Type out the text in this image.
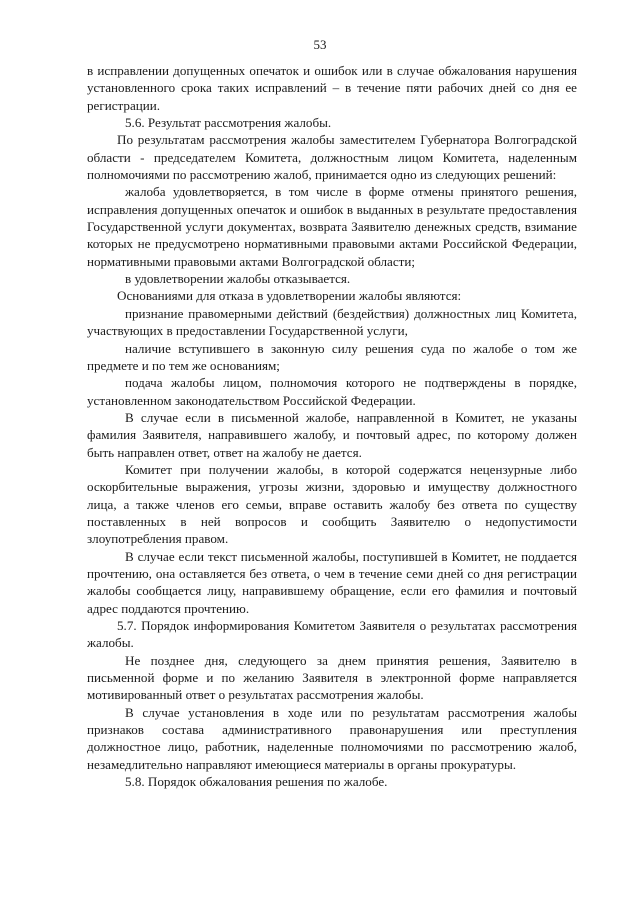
53

в исправлении допущенных опечаток и ошибок или в случае обжалования нарушения установленного срока таких исправлений – в течение пяти рабочих дней со дня ее регистрации.

5.6. Результат рассмотрения жалобы.

По результатам рассмотрения жалобы заместителем Губернатора Волгоградской области - председателем Комитета, должностным лицом Комитета, наделенным полномочиями по рассмотрению жалоб, принимается одно из следующих решений:

жалоба удовлетворяется, в том числе в форме отмены принятого решения, исправления допущенных опечаток и ошибок в выданных в результате предоставления Государственной услуги документах, возврата Заявителю денежных средств, взимание которых не предусмотрено нормативными правовыми актами Российской Федерации, нормативными правовыми актами Волгоградской области;

в удовлетворении жалобы отказывается.

Основаниями для отказа в удовлетворении жалобы являются:

признание правомерными действий (бездействия) должностных лиц Комитета, участвующих в предоставлении Государственной услуги,

наличие вступившего в законную силу решения суда по жалобе о том же предмете и по тем же основаниям;

подача жалобы лицом, полномочия которого не подтверждены в порядке, установленном законодательством Российской Федерации.

В случае если в письменной жалобе, направленной в Комитет, не указаны фамилия Заявителя, направившего жалобу, и почтовый адрес, по которому должен быть направлен ответ, ответ на жалобу не дается.

Комитет при получении жалобы, в которой содержатся нецензурные либо оскорбительные выражения, угрозы жизни, здоровью и имуществу должностного лица, а также членов его семьи, вправе оставить жалобу без ответа по существу поставленных в ней вопросов и сообщить Заявителю о недопустимости злоупотребления правом.

В случае если текст письменной жалобы, поступившей в Комитет, не поддается прочтению, она оставляется без ответа, о чем в течение семи дней со дня регистрации жалобы сообщается лицу, направившему обращение, если его фамилия и почтовый адрес поддаются прочтению.

5.7. Порядок информирования Комитетом Заявителя о результатах рассмотрения жалобы.

Не позднее дня, следующего за днем принятия решения, Заявителю в письменной форме и по желанию Заявителя в электронной форме направляется мотивированный ответ о результатах рассмотрения жалобы.

В случае установления в ходе или по результатам рассмотрения жалобы признаков состава административного правонарушения или преступления должностное лицо, работник, наделенные полномочиями по рассмотрению жалоб, незамедлительно направляют имеющиеся материалы в органы прокуратуры.

5.8. Порядок обжалования решения по жалобе.
